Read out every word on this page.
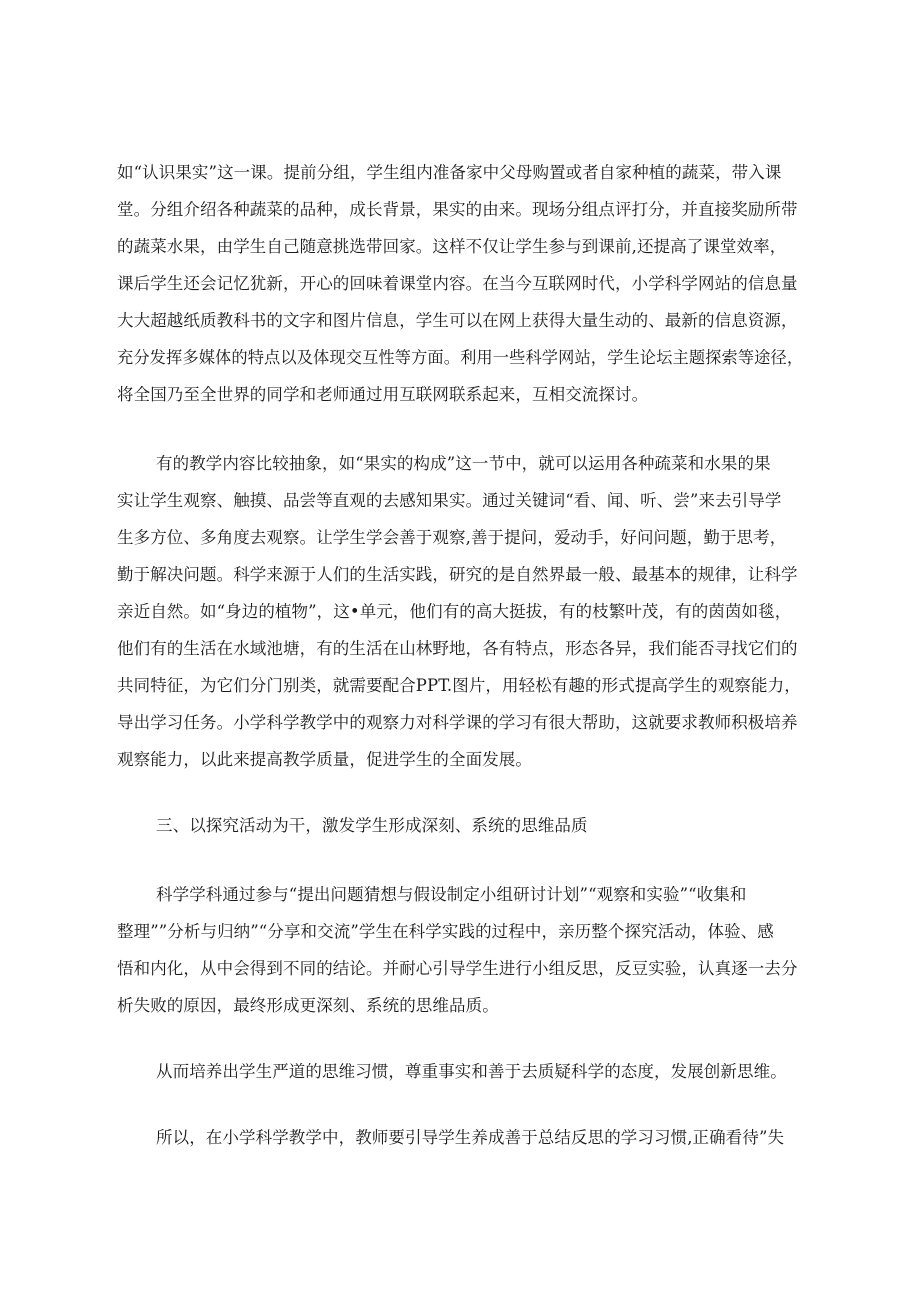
如“认识果实”这一课。提前分组，学生组内准备家中父母购置或者自家种植的蔬菜，带入课
堂。分组介绍各种蔬菜的品种，成长背景，果实的由来。现场分组点评打分，并直接奖励所带
的蔬菜水果，由学生自己随意挑选带回家。这样不仅让学生参与到课前,还提高了课堂效率，
课后学生还会记忆犹新，开心的回味着课堂内容。在当今互联网时代，小学科学网站的信息量
大大超越纸质教科书的文字和图片信息，学生可以在网上获得大量生动的、最新的信息资源，
充分发挥多媒体的特点以及体现交互性等方面。利用一些科学网站，学生论坛主题探索等途径，
将全国乃至全世界的同学和老师通过用互联网联系起来，互相交流探讨。
有的教学内容比较抽象，如“果实的构成”这一节中，就可以运用各种疏菜和水果的果
实让学生观察、触摸、品尝等直观的去感知果实。通过关键词“看、闻、听、尝”来去引导学
生多方位、多角度去观察。让学生学会善于观察,善于提问，爱动手，好问问题，勤于思考，
勤于解决问题。科学来源于人们的生活实践，研究的是自然界最一般、最基本的规律，让科学
亲近自然。如“身边的植物”，这•单元，他们有的高大挺拔，有的枝繁叶茂，有的茵茵如毯，
他们有的生活在水域池塘，有的生活在山林野地，各有特点，形态各异，我们能否寻找它们的
共同特征，为它们分门别类，就需要配合PPT.图片，用轻松有趣的形式提高学生的观察能力，
导出学习任务。小学科学教学中的观察力对科学课的学习有很大帮助，这就要求教师积极培养
观察能力，以此来提高教学质量，促进学生的全面发展。
三、以探究活动为干，激发学生形成深刻、系统的思维品质
科学学科通过参与“提出问题猜想与假设制定小组研讨计划”“观察和实验”“收集和
整理””分析与归纳”“分享和交流”学生在科学实践的过程中，亲历整个探究活动，体验、感
悟和内化，从中会得到不同的结论。并耐心引导学生进行小组反思，反豆实验，认真逐一去分
析失败的原因，最终形成更深刻、系统的思维品质。
从而培养出学生严道的思维习惯，尊重事实和善于去质疑科学的态度，发展创新思维。
所以，在小学科学教学中，教师要引导学生养成善于总结反思的学习习惯,正确看待”失
